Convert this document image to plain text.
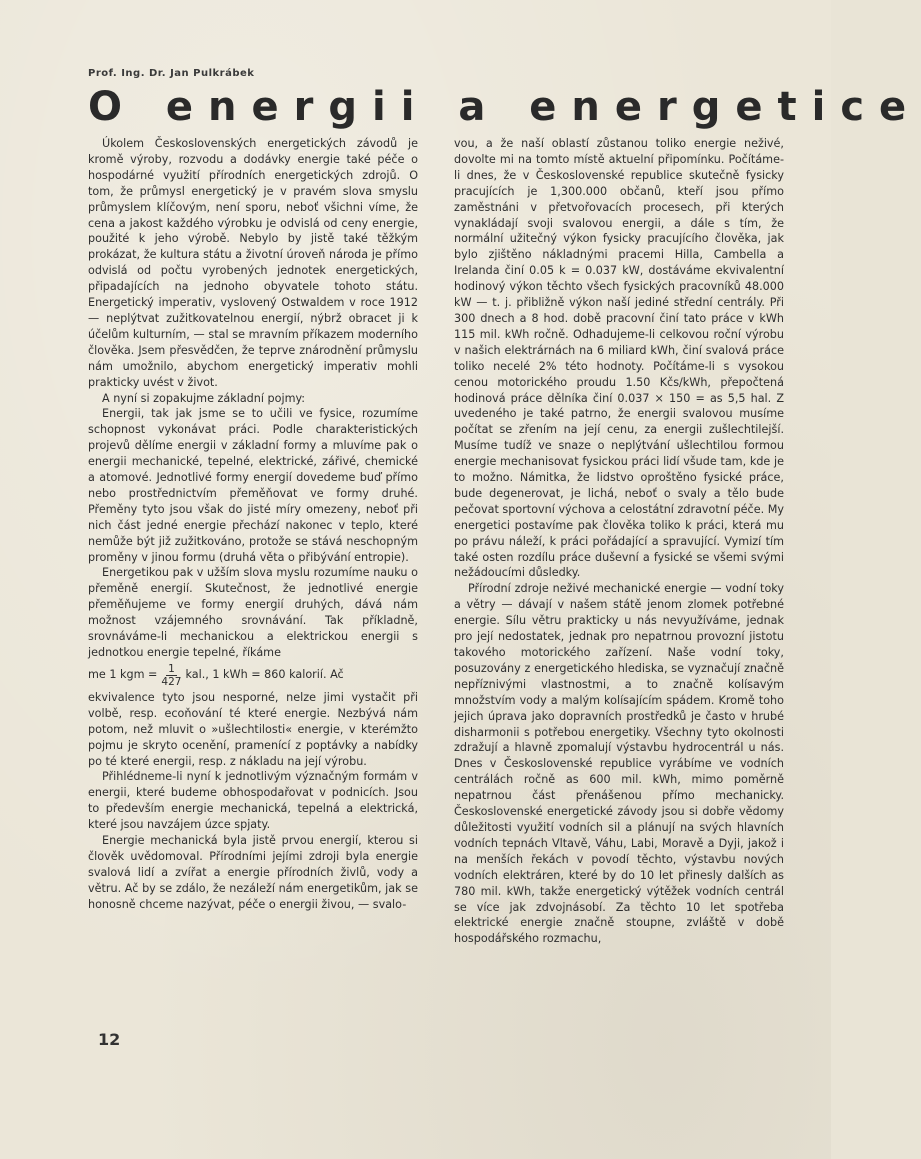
Prof. Ing. Dr. Jan Pulkrábek
O energii a energetice

Úkolem Československých energetických závodů je kromě výroby, rozvodu a dodávky energie také péče o hospodárné využití přírodních energetických zdrojů. O tom, že průmysl energetický je v pravém slova smyslu průmyslem klíčovým, není sporu, neboť všichni víme, že cena a jakost každého výrobku je odvislá od ceny energie, použité k jeho výrobě. Nebylo by jistě také těžkým prokázat, že kultura státu a životní úroveň národa je přímo odvislá od počtu vyrobených jednotek energetických, připadajících na jednoho obyvatele tohoto státu. Energetický imperativ, vyslovený Ostwaldem v roce 1912 — neplýtvat zužitkovatelnou energií, nýbrž obracet ji k účelům kulturním, — stal se mravním příkazem moderního člověka. Jsem přesvědčen, že teprve znárodnění průmyslu nám umožnilo, abychom energetický imperativ mohli prakticky uvést v život.

A nyní si zopakujme základní pojmy:

Energii, tak jak jsme se to učili ve fysice, rozumíme schopnost vykonávat práci. Podle charakteristických projevů dělíme energii v základní formy a mluvíme pak o energii mechanické, tepelné, elektrické, zářivé, chemické a atomové. Jednotlivé formy energií dovedeme buď přímo nebo prostřednictvím přeměňovat ve formy druhé. Přeměny tyto jsou však do jisté míry omezeny, neboť při nich část jedné energie přechází nakonec v teplo, které nemůže být již zužitkováno, protože se stává neschopným proměny v jinou formu (druhá věta o přibývání entropie).

Energetikou pak v užším slova myslu rozumíme nauku o přeměně energií. Skutečnost, že jednotlivé energie přeměňujeme ve formy energií druhých, dává nám možnost vzájemného srovnávání. Tak příkladně, srovnáváme-li mechanickou a elektrickou energii s jednotkou energie tepelné, říkáme

me 1 kgm = $\frac{1}{427}$ kal., 1 kWh = 860 kalorií. Ač

ekvivalence tyto jsou nesporné, nelze jimi vystačit při volbě, resp. ecoňování té které energie. Nezbývá nám potom, než mluvit o »ušlechtilosti« energie, v kterémžto pojmu je skryto ocenění, pramenící z poptávky a nabídky po té které energii, resp. z nákladu na její výrobu.

Přihlédneme-li nyní k jednotlivým význačným formám v energii, které budeme obhospodařovat v podnicích. Jsou to především energie mechanická, tepelná a elektrická, které jsou navzájem úzce spjaty.

Energie mechanická byla jistě prvou energií, kterou si člověk uvědomoval. Přírodními jejími zdroji byla energie svalová lidí a zvířat a energie přírodních živlů, vody a větru. Ač by se zdálo, že nezáleží nám energetikům, jak se honosně chceme nazývat, péče o energii živou, — svalo-

vou, a že naší oblastí zůstanou toliko energie neživé, dovolte mi na tomto místě aktuelní připomínku. Počítáme-li dnes, že v Československé republice skutečně fysicky pracujících je 1,300.000 občanů, kteří jsou přímo zaměstnáni v přetvořovacích procesech, při kterých vynakládají svoji svalovou energii, a dále s tím, že normální užitečný výkon fysicky pracujícího člověka, jak bylo zjištěno nákladnými pracemi Hilla, Cambella a Irelanda činí 0.05 k = 0.037 kW, dostáváme ekvivalentní hodinový výkon těchto všech fysických pracovníků 48.000 kW — t. j. přibližně výkon naší jediné střední centrály. Při 300 dnech a 8 hod. době pracovní činí tato práce v kWh 115 mil. kWh ročně. Odhadujeme-li celkovou roční výrobu v našich elektrárnách na 6 miliard kWh, činí svalová práce toliko necelé 2% této hodnoty. Počítáme-li s vysokou cenou motorického proudu 1.50 Kčs/kWh, přepočtená hodinová práce dělníka činí 0.037 × 150 = as 5,5 hal. Z uvedeného je také patrno, že energii svalovou musíme počítat se zřením na její cenu, za energii zušlechtilejší. Musíme tudíž ve snaze o neplýtvání ušlechtilou formou energie mechanisovat fysickou práci lidí všude tam, kde je to možno. Námitka, že lidstvo oproštěno fysické práce, bude degenerovat, je lichá, neboť o svaly a tělo bude pečovat sportovní výchova a celostátní zdravotní péče. My energetici postavíme pak člověka toliko k práci, která mu po právu náleží, k práci pořádající a spravující. Vymizí tím také osten rozdílu práce duševní a fysické se všemi svými nežádoucími důsledky.

Přírodní zdroje neživé mechanické energie — vodní toky a větry — dávají v našem státě jenom zlomek potřebné energie. Sílu větru prakticky u nás nevyužíváme, jednak pro její nedostatek, jednak pro nepatrnou provozní jistotu takového motorického zařízení. Naše vodní toky, posuzovány z energetického hlediska, se vyznačují značně nepříznivými vlastnostmi, a to značně kolísavým množstvím vody a malým kolísajícím spádem. Kromě toho jejich úprava jako dopravních prostředků je často v hrubé disharmonii s potřebou energetiky. Všechny tyto okolnosti zdražují a hlavně zpomalují výstavbu hydrocentrál u nás. Dnes v Československé republice vyrábíme ve vodních centrálách ročně as 600 mil. kWh, mimo poměrně nepatrnou část přenášenou přímo mechanicky. Československé energetické závody jsou si dobře vědomy důležitosti využití vodních sil a plánují na svých hlavních vodních tepnách Vltavě, Váhu, Labi, Moravě a Dyji, jakož i na menších řekách v povodí těchto, výstavbu nových vodních elektráren, které by do 10 let přinesly dalších as 780 mil. kWh, takže energetický výtěžek vodních centrál se více jak zdvojnásobí. Za těchto 10 let spotřeba elektrické energie značně stoupne, zvláště v době hospodářského rozmachu,

12
